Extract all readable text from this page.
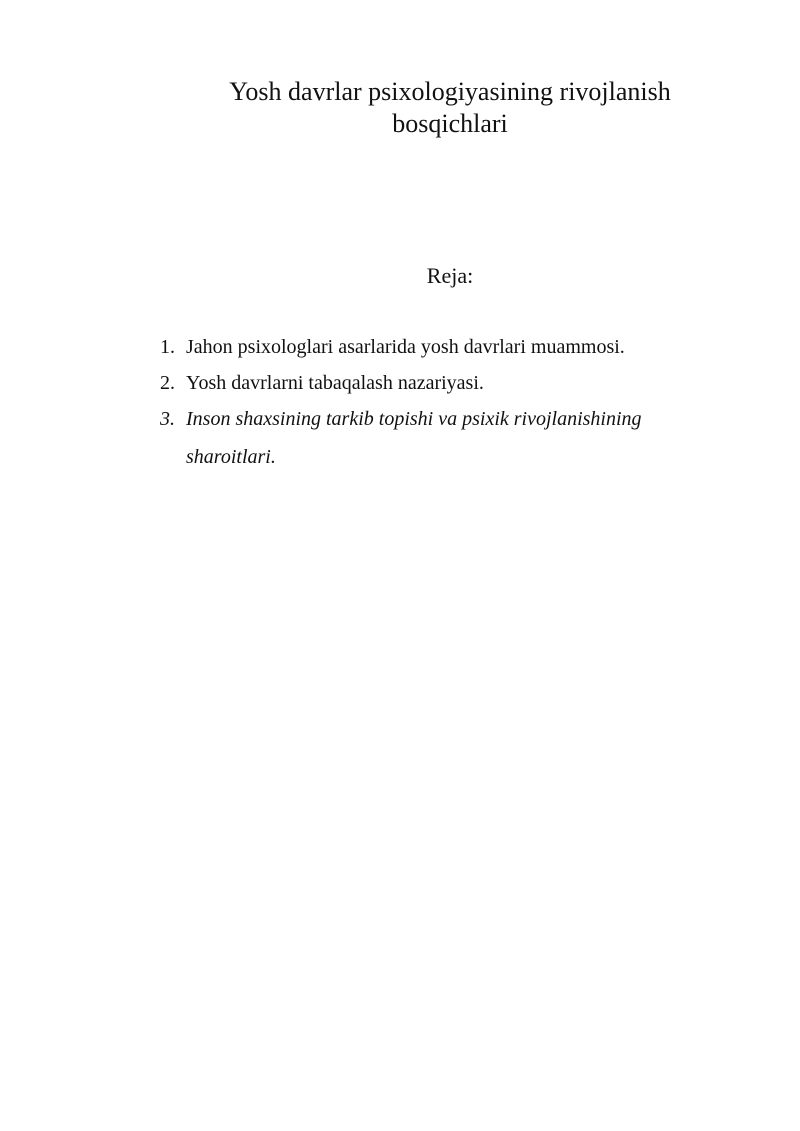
Yosh davrlar psixologiyasining rivojlanish
bosqichlari
Reja:
1. Jahon psixologlari asarlarida yosh davrlari muammosi.
2. Yosh davrlarni tabaqalash nazariyasi.
3. Inson shaxsining tarkib topishi va psixik rivojlanishining sharoitlari.
